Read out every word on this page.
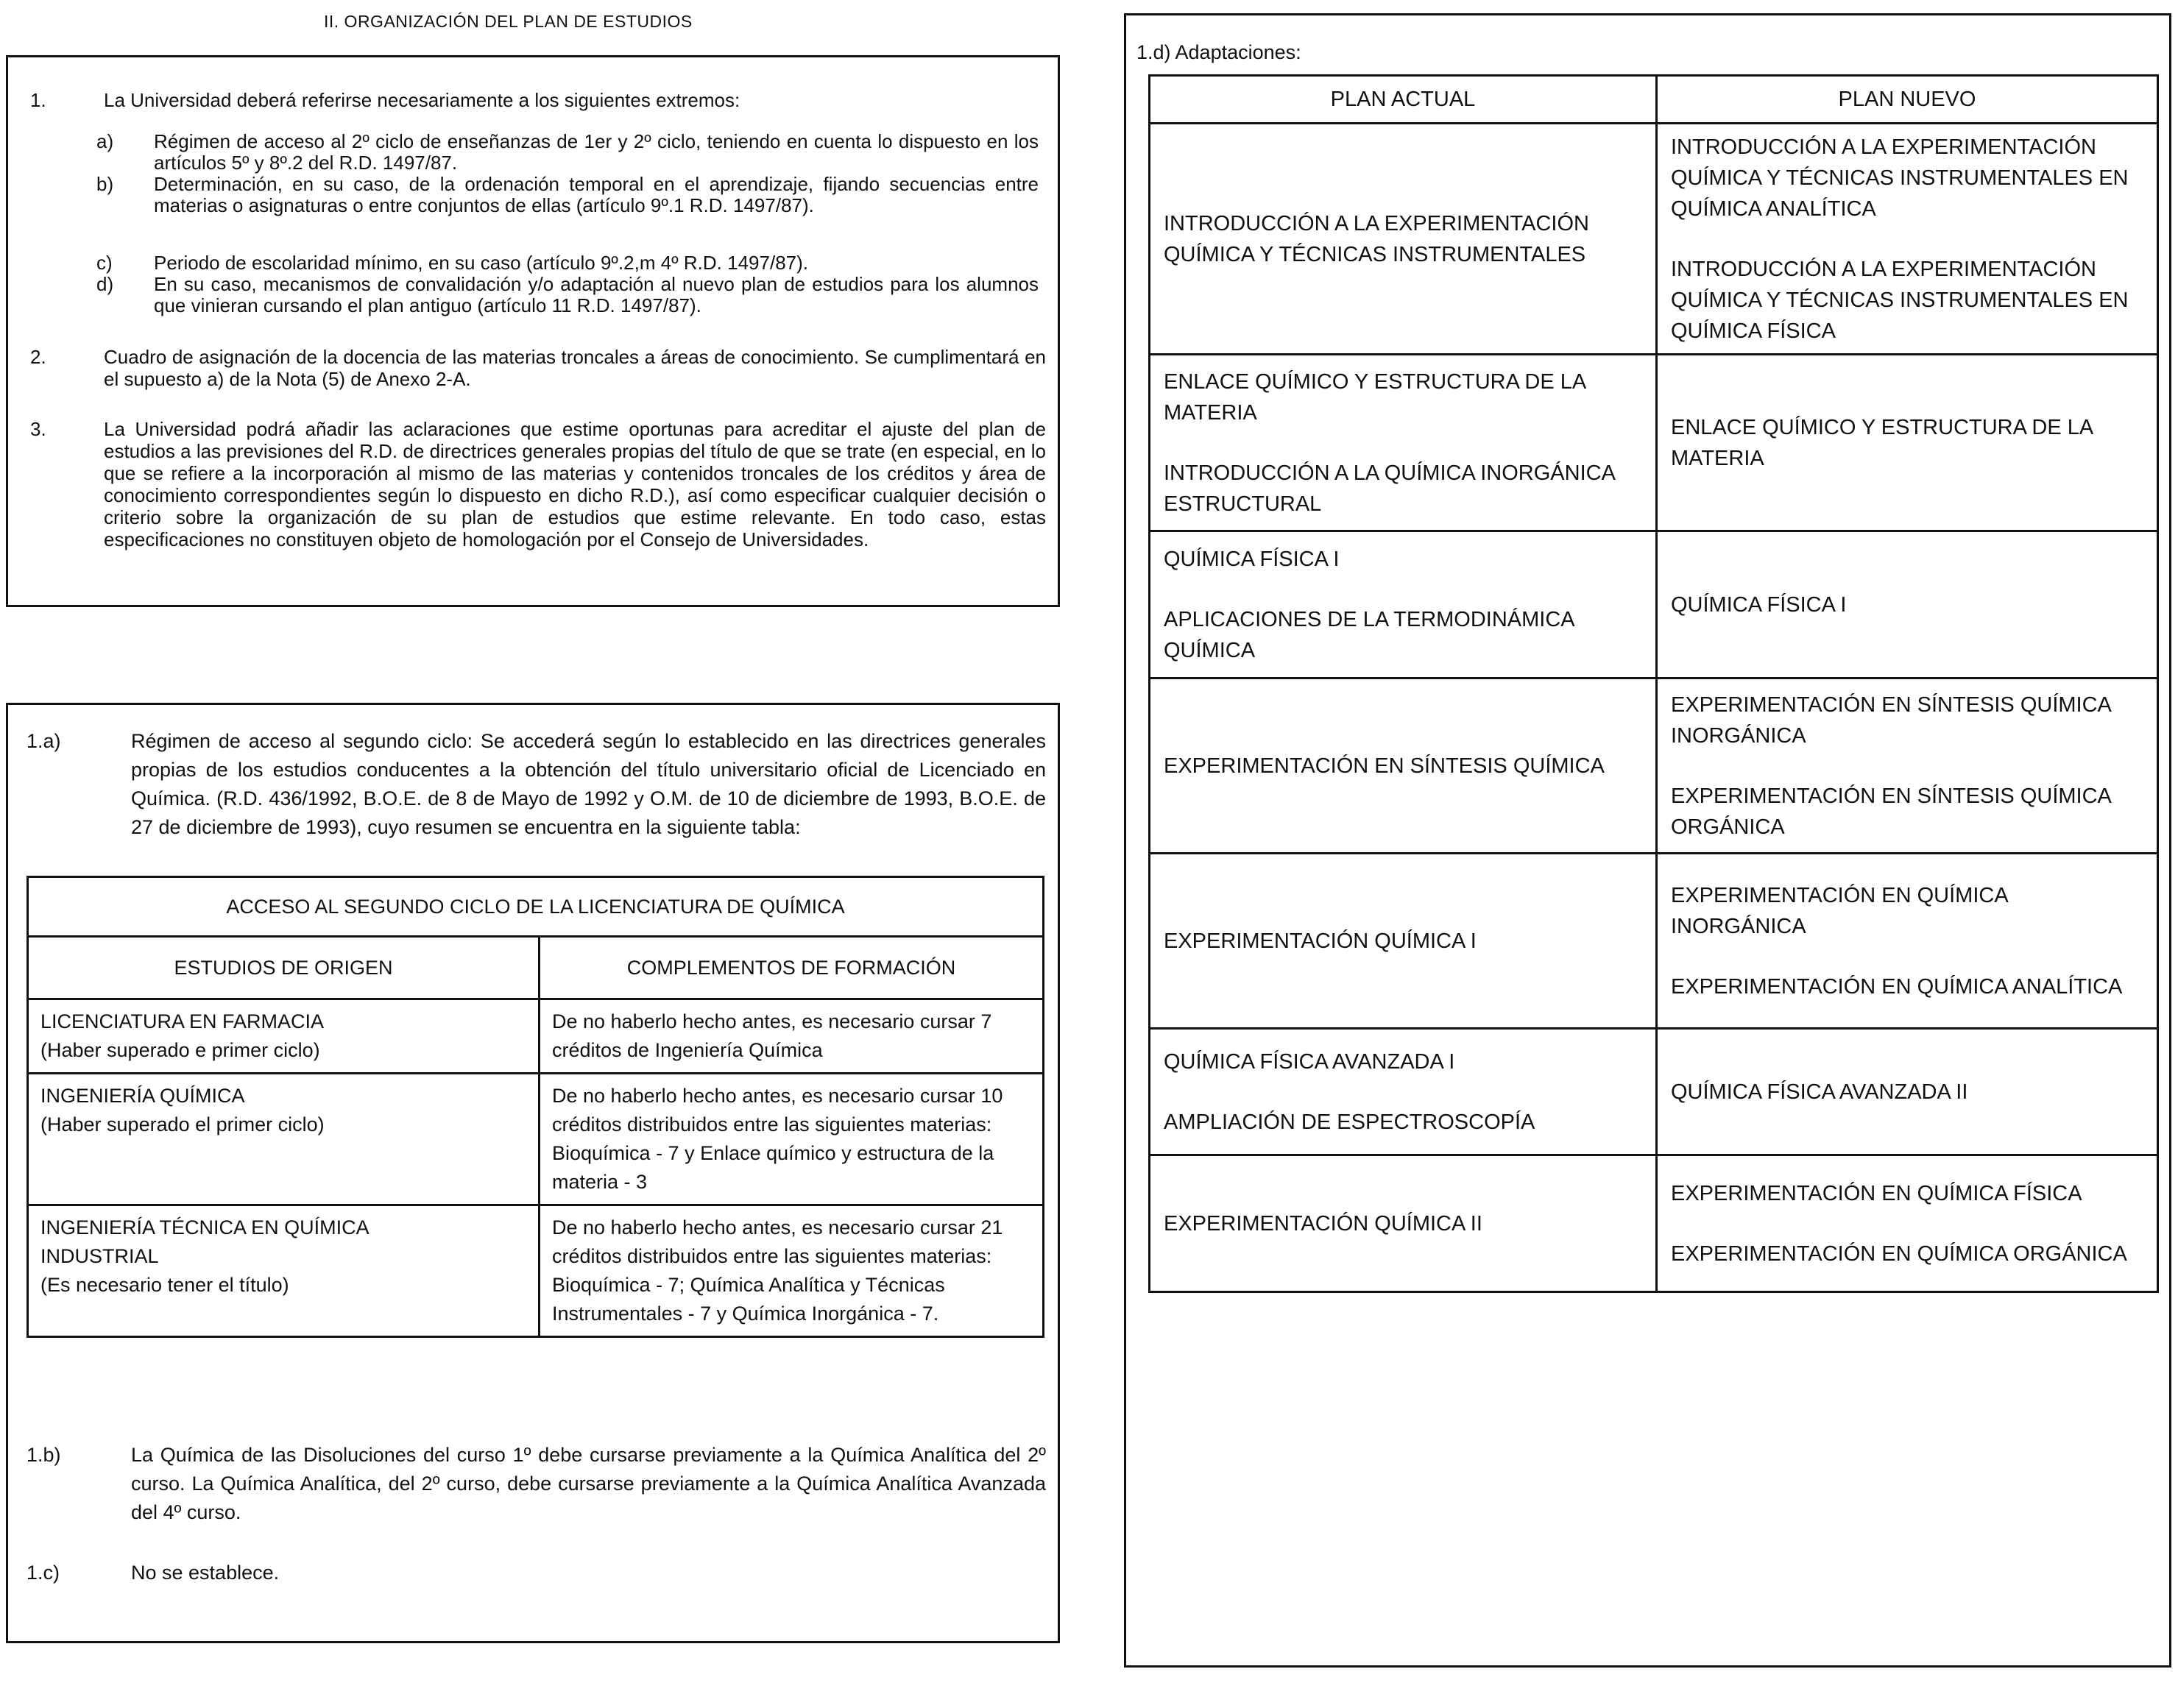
II. ORGANIZACIÓN DEL PLAN DE ESTUDIOS
1.	La Universidad deberá referirse necesariamente a los siguientes extremos:
a) Régimen de acceso al 2º ciclo de enseñanzas de 1er y 2º ciclo, teniendo en cuenta lo dispuesto en los artículos 5º y 8º.2 del R.D. 1497/87.
b) Determinación, en su caso, de la ordenación temporal en el aprendizaje, fijando secuencias entre materias o asignaturas o entre conjuntos de ellas (artículo 9º.1 R.D. 1497/87).
c) Periodo de escolaridad mínimo, en su caso (artículo 9º.2,m 4º R.D. 1497/87).
d) En su caso, mecanismos de convalidación y/o adaptación al nuevo plan de estudios para los alumnos que vinieran cursando el plan antiguo (artículo 11 R.D. 1497/87).
2.	Cuadro de asignación de la docencia de las materias troncales a áreas de conocimiento. Se cumplimentará en el supuesto a) de la Nota (5) de Anexo 2-A.
3.	La Universidad podrá añadir las aclaraciones que estime oportunas para acreditar el ajuste del plan de estudios a las previsiones del R.D. de directrices generales propias del título de que se trate (en especial, en lo que se refiere a la incorporación al mismo de las materias y contenidos troncales de los créditos y área de conocimiento correspondientes según lo dispuesto en dicho R.D.), así como especificar cualquier decisión o criterio sobre la organización de su plan de estudios que estime relevante. En todo caso, estas especificaciones no constituyen objeto de homologación por el Consejo de Universidades.
1.a)	Régimen de acceso al segundo ciclo: Se accederá según lo establecido en las directrices generales propias de los estudios conducentes a la obtención del título universitario oficial de Licenciado en Química. (R.D. 436/1992, B.O.E. de 8 de Mayo de 1992 y O.M. de 10 de diciembre de 1993, B.O.E. de 27 de diciembre de 1993), cuyo resumen se encuentra en la siguiente tabla:
ACCESO AL SEGUNDO CICLO DE LA LICENCIATURA DE QUÍMICA	
ESTUDIOS DE ORIGEN	COMPLEMENTOS DE FORMACIÓN

LICENCIATURA EN FARMACIA
(Haber superado e primer ciclo)	De no haberlo hecho antes, es necesario cursar 7 créditos de Ingeniería Química

INGENIERÍA QUÍMICA
(Haber superado el primer ciclo)	De no haberlo hecho antes, es necesario cursar 10 créditos distribuidos entre las siguientes materias: Bioquímica - 7 y Enlace químico y estructura de la materia - 3

INGENIERÍA TÉCNICA EN QUÍMICA INDUSTRIAL
(Es necesario tener el título)	De no haberlo hecho antes, es necesario cursar 21 créditos distribuidos entre las siguientes materias: Bioquímica - 7; Química Analítica y Técnicas Instrumentales - 7 y Química Inorgánica - 7.
1.b)	La Química de las Disoluciones del curso 1º debe cursarse previamente a la Química Analítica del 2º curso. La Química Analítica, del 2º curso, debe cursarse previamente a la Química Analítica Avanzada del 4º curso.
1.c)	No se establece.
1.d) Adaptaciones:
PLAN ACTUAL	PLAN NUEVO

INTRODUCCIÓN A LA EXPERIMENTACIÓN QUÍMICA Y TÉCNICAS INSTRUMENTALES	INTRODUCCIÓN A LA EXPERIMENTACIÓN QUÍMICA Y TÉCNICAS INSTRUMENTALES EN QUÍMICA ANALÍTICA
INTRODUCCIÓN A LA EXPERIMENTACIÓN QUÍMICA Y TÉCNICAS INSTRUMENTALES EN QUÍMICA FÍSICA

ENLACE QUÍMICO Y ESTRUCTURA DE LA MATERIA
INTRODUCCIÓN A LA QUÍMICA INORGÁNICA ESTRUCTURAL	ENLACE QUÍMICO Y ESTRUCTURA DE LA MATERIA

QUÍMICA FÍSICA I
APLICACIONES DE LA TERMODINÁMICA QUÍMICA	QUÍMICA FÍSICA I

EXPERIMENTACIÓN EN SÍNTESIS QUÍMICA	EXPERIMENTACIÓN EN SÍNTESIS QUÍMICA INORGÁNICA
EXPERIMENTACIÓN EN SÍNTESIS QUÍMICA ORGÁNICA

EXPERIMENTACIÓN QUÍMICA I	EXPERIMENTACIÓN EN QUÍMICA INORGÁNICA
EXPERIMENTACIÓN EN QUÍMICA ANALÍTICA

QUÍMICA FÍSICA AVANZADA I
AMPLIACIÓN DE ESPECTROSCOPÍA	QUÍMICA FÍSICA AVANZADA II

EXPERIMENTACIÓN QUÍMICA II	EXPERIMENTACIÓN EN QUÍMICA FÍSICA
EXPERIMENTACIÓN EN QUÍMICA ORGÁNICA
